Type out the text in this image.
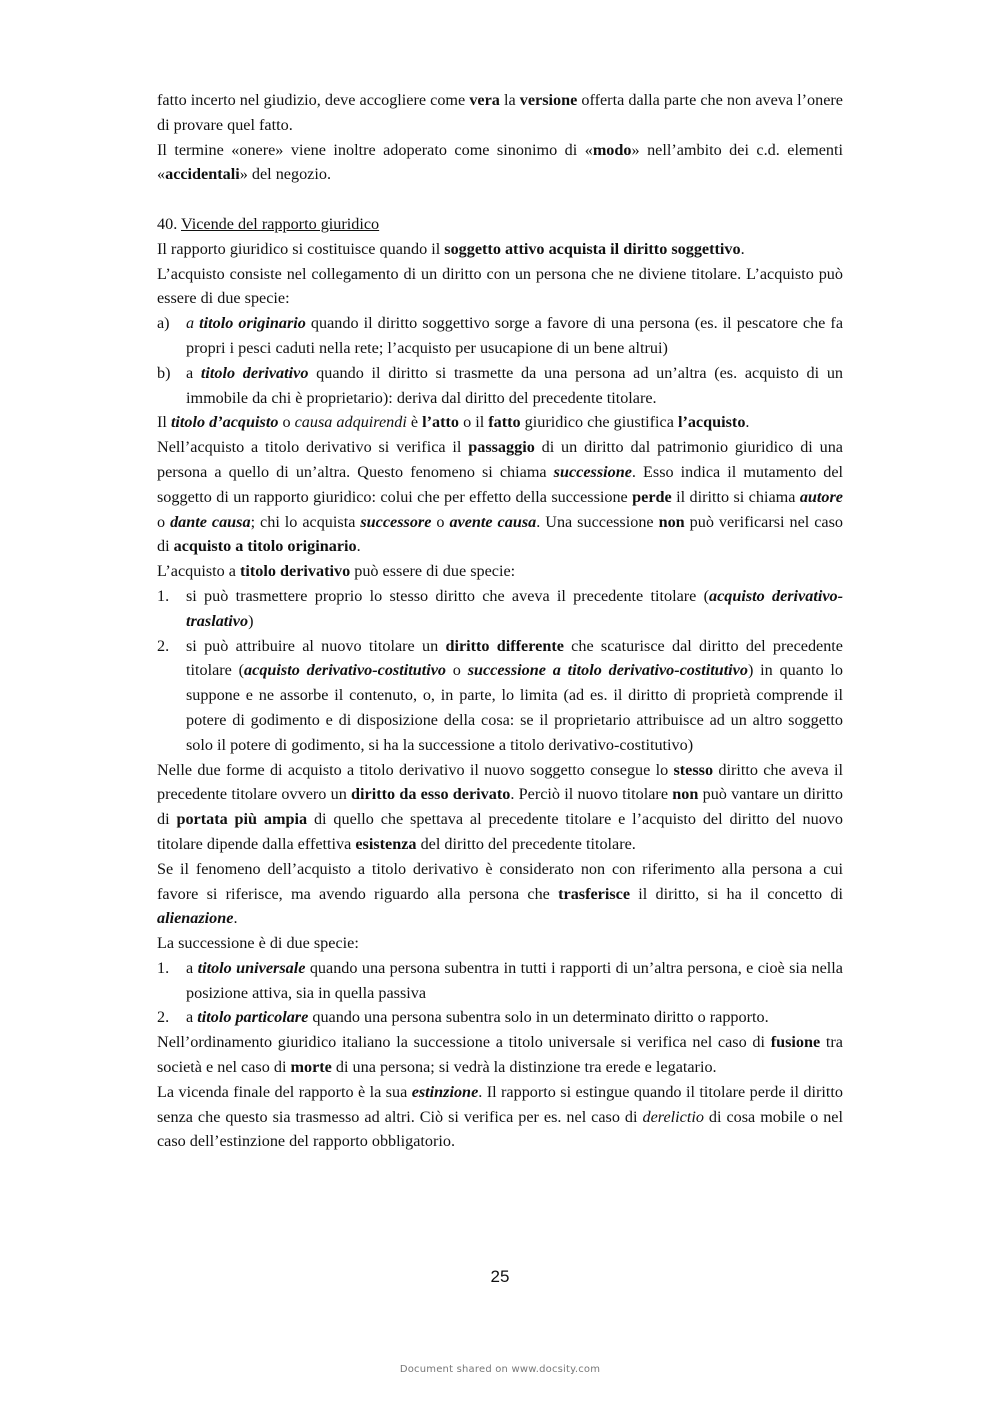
fatto incerto nel giudizio, deve accogliere come vera la versione offerta dalla parte che non aveva l’onere di provare quel fatto.

Il termine «onere» viene inoltre adoperato come sinonimo di «modo» nell’ambito dei c.d. elementi «accidentali» del negozio.

40. Vicende del rapporto giuridico

Il rapporto giuridico si costituisce quando il soggetto attivo acquista il diritto soggettivo.

L’acquisto consiste nel collegamento di un diritto con un persona che ne diviene titolare. L’acquisto può essere di due specie:

a)	a titolo originario quando il diritto soggettivo sorge a favore di una persona (es. il pescatore che fa propri i pesci caduti nella rete; l’acquisto per usucapione di un bene altrui)
b) a titolo derivativo quando il diritto si trasmette da una persona ad un’altra (es. acquisto di un immobile da chi è proprietario): deriva dal diritto del precedente titolare.

Il titolo d’acquisto o causa adquirendi è l’atto o il fatto giuridico che giustifica l’acquisto.

Nell’acquisto a titolo derivativo si verifica il passaggio di un diritto dal patrimonio giuridico di una persona a quello di un’altra. Questo fenomeno si chiama successione. Esso indica il mutamento del soggetto di un rapporto giuridico: colui che per effetto della successione perde il diritto si chiama autore o dante causa; chi lo acquista successore o avente causa. Una successione non può verificarsi nel caso di acquisto a titolo originario.

L’acquisto a titolo derivativo può essere di due specie:

1.	si può trasmettere proprio lo stesso diritto che aveva il precedente titolare (acquisto derivativo-traslativo)
2.	si può attribuire al nuovo titolare un diritto differente che scaturisce dal diritto del precedente titolare (acquisto derivativo-costitutivo o successione a titolo derivativo-costitutivo) in quanto lo suppone e ne assorbe il contenuto, o, in parte, lo limita (ad es. il diritto di proprietà comprende il potere di godimento e di disposizione della cosa: se il proprietario attribuisce ad un altro soggetto solo il potere di godimento, si ha la successione a titolo derivativo-costitutivo)

Nelle due forme di acquisto a titolo derivativo il nuovo soggetto consegue lo stesso diritto che aveva il precedente titolare ovvero un diritto da esso derivato. Perciò il nuovo titolare non può vantare un diritto di portata più ampia di quello che spettava al precedente titolare e l’acquisto del diritto del nuovo titolare dipende dalla effettiva esistenza del diritto del precedente titolare.

Se il fenomeno dell’acquisto a titolo derivativo è considerato non con riferimento alla persona a cui favore si riferisce, ma avendo riguardo alla persona che trasferisce il diritto, si ha il concetto di alienazione.

La successione è di due specie:

1.	a titolo universale quando una persona subentra in tutti i rapporti di un’altra persona, e cioè sia nella posizione attiva, sia in quella passiva
2.	a titolo particolare quando una persona subentra solo in un determinato diritto o rapporto.

Nell’ordinamento giuridico italiano la successione a titolo universale si verifica nel caso di fusione tra società e nel caso di morte di una persona; si vedrà la distinzione tra erede e legatario.

La vicenda finale del rapporto è la sua estinzione. Il rapporto si estingue quando il titolare perde il diritto senza che questo sia trasmesso ad altri. Ciò si verifica per es. nel caso di derelictio di cosa mobile o nel caso dell’estinzione del rapporto obbligatorio.

25
Document shared on www.docsity.com
